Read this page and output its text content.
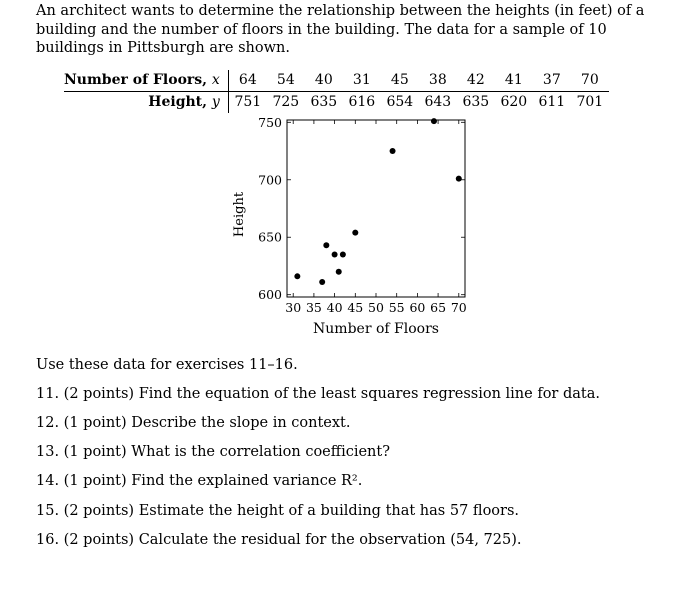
An architect wants to determine the relationship between the heights (in feet) of a building and the number of floors in the building. The data for a sample of 10 buildings in Pittsburgh are shown.
Number of Floors, x	64	54	40	31	45	38	42	41	37	70
Height, y	751	725	635	616	654	643	635	620	611	701
30 35 40 45 50 55 60 65 70
600
650
700
750
Number of Floors
Height
Use these data for exercises 11–16.
11. (2 points) Find the equation of the least squares regression line for data.
12. (1 point) Describe the slope in context.
13. (1 point) What is the correlation coefficient?
14. (1 point) Find the explained variance R².
15. (2 points) Estimate the height of a building that has 57 floors.
16. (2 points) Calculate the residual for the observation (54, 725).
